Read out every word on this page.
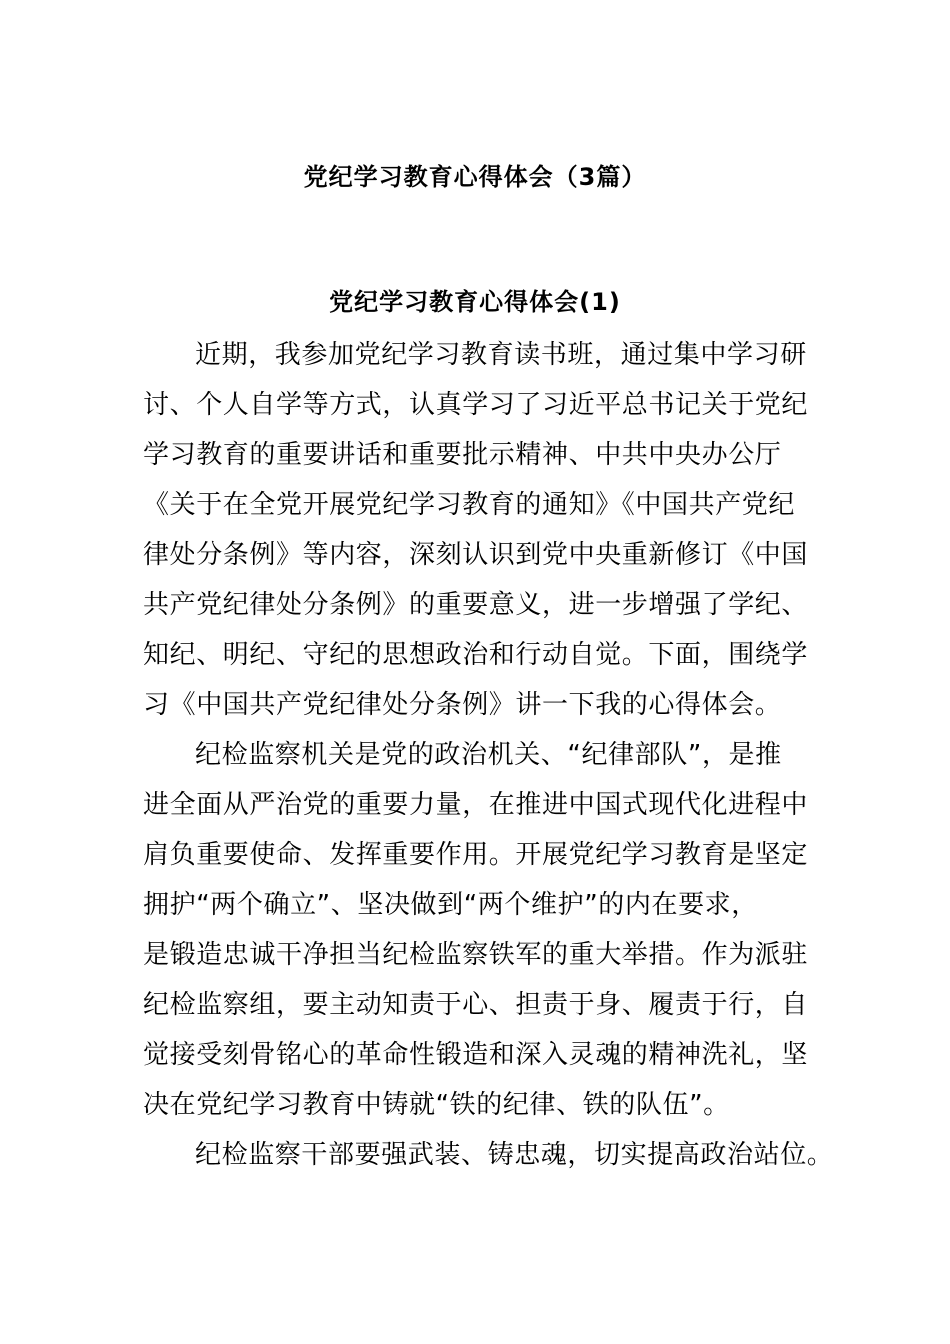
党纪学习教育心得体会（3篇）
党纪学习教育心得体会(1)
近期，我参加党纪学习教育读书班，通过集中学习研
讨、个人自学等方式，认真学习了习近平总书记关于党纪
学习教育的重要讲话和重要批示精神、中共中央办公厅
《关于在全党开展党纪学习教育的通知》《中国共产党纪
律处分条例》等内容，深刻认识到党中央重新修订《中国
共产党纪律处分条例》的重要意义，进一步增强了学纪、
知纪、明纪、守纪的思想政治和行动自觉。下面，围绕学
习《中国共产党纪律处分条例》讲一下我的心得体会。
纪检监察机关是党的政治机关、“纪律部队”，是推
进全面从严治党的重要力量，在推进中国式现代化进程中
肩负重要使命、发挥重要作用。开展党纪学习教育是坚定
拥护“两个确立”、坚决做到“两个维护”的内在要求，
是锻造忠诚干净担当纪检监察铁军的重大举措。作为派驻
纪检监察组，要主动知责于心、担责于身、履责于行，自
觉接受刻骨铭心的革命性锻造和深入灵魂的精神洗礼，坚
决在党纪学习教育中铸就“铁的纪律、铁的队伍”。
纪检监察干部要强武装、铸忠魂，切实提高政治站位。
